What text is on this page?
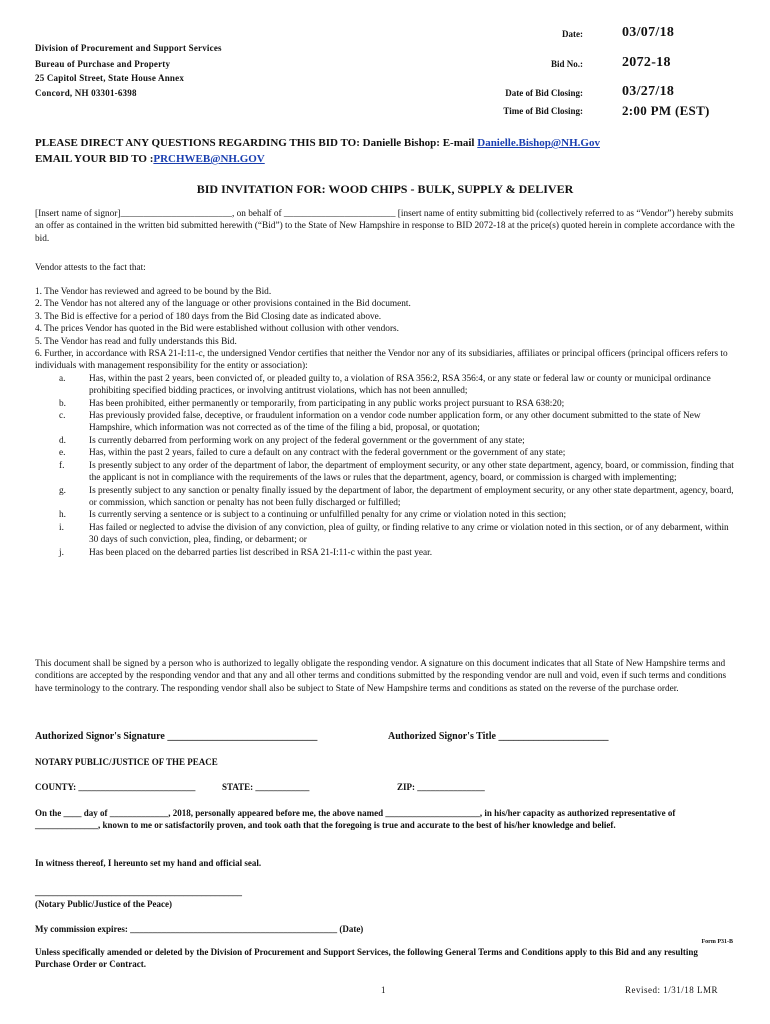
Division of Procurement and Support Services
Bureau of Purchase and Property
25 Capitol Street, State House Annex
Concord, NH 03301-6398
Date:	03/07/18
Bid No.:	2072-18
Date of Bid Closing:	03/27/18
Time of Bid Closing:	2:00 PM (EST)
PLEASE DIRECT ANY QUESTIONS REGARDING THIS BID TO: Danielle Bishop: E-mail Danielle.Bishop@NH.Gov
EMAIL YOUR BID TO :PRCHWEB@NH.GOV
BID INVITATION FOR: WOOD CHIPS - BULK, SUPPLY & DELIVER
[Insert name of signor]________________________, on behalf of ________________________ [insert name of entity submitting bid (collectively referred to as “Vendor”) hereby submits an offer as contained in the written bid submitted herewith (“Bid”) to the State of New Hampshire in response to BID 2072-18 at the price(s) quoted herein in complete accordance with the bid.
Vendor attests to the fact that:

1. The Vendor has reviewed and agreed to be bound by the Bid.

2. The Vendor has not altered any of the language or other provisions contained in the Bid document.

3. The Bid is effective for a period of 180 days from the Bid Closing date as indicated above.

4. The prices Vendor has quoted in the Bid were established without collusion with other vendors.

5. The Vendor has read and fully understands this Bid.

6. Further, in accordance with RSA 21-I:11-c, the undersigned Vendor certifies that neither the Vendor nor any of its subsidiaries, affiliates or principal officers (principal officers refers to individuals with management responsibility for the entity or association):

a.	Has, within the past 2 years, been convicted of, or pleaded guilty to, a violation of RSA 356:2, RSA 356:4, or any state or federal law or county or municipal ordinance prohibiting specified bidding practices, or involving antitrust violations, which has not been annulled;
b.	Has been prohibited, either permanently or temporarily, from participating in any public works project pursuant to RSA 638:20;
c.	Has previously provided false, deceptive, or fraudulent information on a vendor code number application form, or any other document submitted to the state of New Hampshire, which information was not corrected as of the time of the filing a bid, proposal, or quotation;
d.	Is currently debarred from performing work on any project of the federal government or the government of any state;
e.	Has, within the past 2 years, failed to cure a default on any contract with the federal government or the government of any state;
f.	Is presently subject to any order of the department of labor, the department of employment security, or any other state department, agency, board, or commission, finding that the applicant is not in compliance with the requirements of the laws or rules that the department, agency, board, or commission is charged with implementing;
g.	Is presently subject to any sanction or penalty finally issued by the department of labor, the department of employment security, or any other state department, agency, board, or commission, which sanction or penalty has not been fully discharged or fulfilled;
h.	Is currently serving a sentence or is subject to a continuing or unfulfilled penalty for any crime or violation noted in this section;
i.	Has failed or neglected to advise the division of any conviction, plea of guilty, or finding relative to any crime or violation noted in this section, or of any debarment, within 30 days of such conviction, plea, finding, or debarment; or
j.	Has been placed on the debarred parties list described in RSA 21-I:11-c within the past year.
This document shall be signed by a person who is authorized to legally obligate the responding vendor. A signature on this document indicates that all State of New Hampshire terms and conditions are accepted by the responding vendor and that any and all other terms and conditions submitted by the responding vendor are null and void, even if such terms and conditions have terminology to the contrary. The responding vendor shall also be subject to State of New Hampshire terms and conditions as stated on the reverse of the purchase order.
Authorized Signor's Signature ______________________________	Authorized Signor's Title ______________________
NOTARY PUBLIC/JUSTICE OF THE PEACE
COUNTY: __________________________	STATE: ____________	ZIP: _______________
On the ____ day of _____________, 2018, personally appeared before me, the above named _____________________, in his/her capacity as authorized representative of ______________, known to me or satisfactorily proven, and took oath that the foregoing is true and accurate to the best of his/her knowledge and belief.
In witness thereof, I hereunto set my hand and official seal.
______________________________________________
(Notary Public/Justice of the Peace)
My commission expires: ______________________________________________ (Date)
Form P31-B
Unless specifically amended or deleted by the Division of Procurement and Support Services, the following General Terms and Conditions apply to this Bid and any resulting Purchase Order or Contract.
1	Revised: 1/31/18 LMR
